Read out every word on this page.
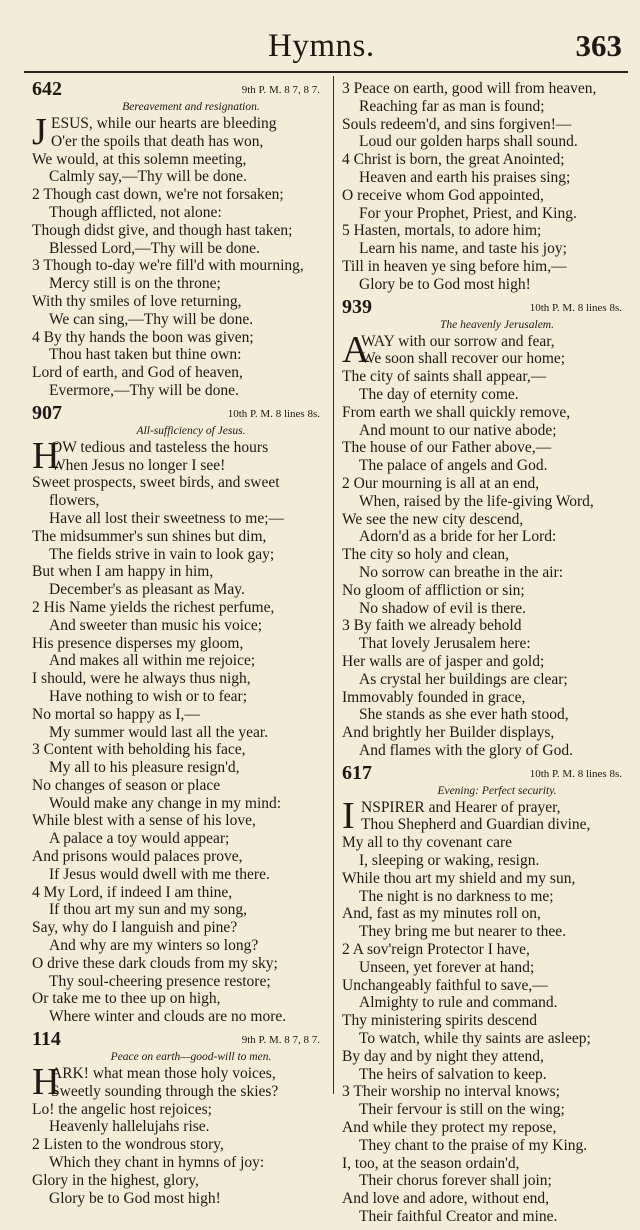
Hymns.	363
642	9th P. M. 8 7, 8 7.
Bereavement and resignation.
JESUS, while our hearts are bleeding
O'er the spoils that death has won,
We would, at this solemn meeting,
Calmly say,—Thy will be done.
2 Though cast down, we're not forsaken;
Though afflicted, not alone:
Though didst give, and though hast taken;
Blessed Lord,—Thy will be done.
3 Though to-day we're fill'd with mourning,
Mercy still is on the throne;
With thy smiles of love returning,
We can sing,—Thy will be done.
4 By thy hands the boon was given;
Thou hast taken but thine own:
Lord of earth, and God of heaven,
Evermore,—Thy will be done.
907	10th P. M. 8 lines 8s.
All-sufficiency of Jesus.
H
OW tedious and tasteless the hours
When Jesus no longer I see!
Sweet prospects, sweet birds, and sweet
flowers,
Have all lost their sweetness to me;—
The midsummer's sun shines but dim,
The fields strive in vain to look gay;
But when I am happy in him,
December's as pleasant as May.
2 His Name yields the richest perfume,
And sweeter than music his voice;
His presence disperses my gloom,
And makes all within me rejoice;
I should, were he always thus nigh,
Have nothing to wish or to fear;
No mortal so happy as I,—
My summer would last all the year.
3 Content with beholding his face,
My all to his pleasure resign'd,
No changes of season or place
Would make any change in my mind:
While blest with a sense of his love,
A palace a toy would appear;
And prisons would palaces prove,
If Jesus would dwell with me there.
4 My Lord, if indeed I am thine,
If thou art my sun and my song,
Say, why do I languish and pine?
And why are my winters so long?
O drive these dark clouds from my sky;
Thy soul-cheering presence restore;
Or take me to thee up on high,
Where winter and clouds are no more.
114	9th P. M. 8 7, 8 7.
Peace on earth—good-will to men.
H
ARK! what mean those holy voices,
Sweetly sounding through the skies?
Lo! the angelic host rejoices;
Heavenly hallelujahs rise.
2 Listen to the wondrous story,
Which they chant in hymns of joy:
Glory in the highest, glory,
Glory be to God most high!
3 Peace on earth, good will from heaven,
Reaching far as man is found;
Souls redeem'd, and sins forgiven!—
Loud our golden harps shall sound.
4 Christ is born, the great Anointed;
Heaven and earth his praises sing;
O receive whom God appointed,
For your Prophet, Priest, and King.
5 Hasten, mortals, to adore him;
Learn his name, and taste his joy;
Till in heaven ye sing before him,—
Glory be to God most high!
939	10th P. M. 8 lines 8s.
The heavenly Jerusalem.
A
WAY with our sorrow and fear,
We soon shall recover our home;
The city of saints shall appear,—
The day of eternity come.
From earth we shall quickly remove,
And mount to our native abode;
The house of our Father above,—
The palace of angels and God.
2 Our mourning is all at an end,
When, raised by the life-giving Word,
We see the new city descend,
Adorn'd as a bride for her Lord:
The city so holy and clean,
No sorrow can breathe in the air:
No gloom of affliction or sin;
No shadow of evil is there.
3 By faith we already behold
That lovely Jerusalem here:
Her walls are of jasper and gold;
As crystal her buildings are clear;
Immovably founded in grace,
She stands as she ever hath stood,
And brightly her Builder displays,
And flames with the glory of God.
617	10th P. M. 8 lines 8s.
Evening: Perfect security.
INSPIRER and Hearer of prayer,
Thou Shepherd and Guardian divine,
My all to thy covenant care
I, sleeping or waking, resign.
While thou art my shield and my sun,
The night is no darkness to me;
And, fast as my minutes roll on,
They bring me but nearer to thee.
2 A sov'reign Protector I have,
Unseen, yet forever at hand;
Unchangeably faithful to save,—
Almighty to rule and command.
Thy ministering spirits descend
To watch, while thy saints are asleep;
By day and by night they attend,
The heirs of salvation to keep.
3 Their worship no interval knows;
Their fervour is still on the wing;
And while they protect my repose,
They chant to the praise of my King.
I, too, at the season ordain'd,
Their chorus forever shall join;
And love and adore, without end,
Their faithful Creator and mine.
